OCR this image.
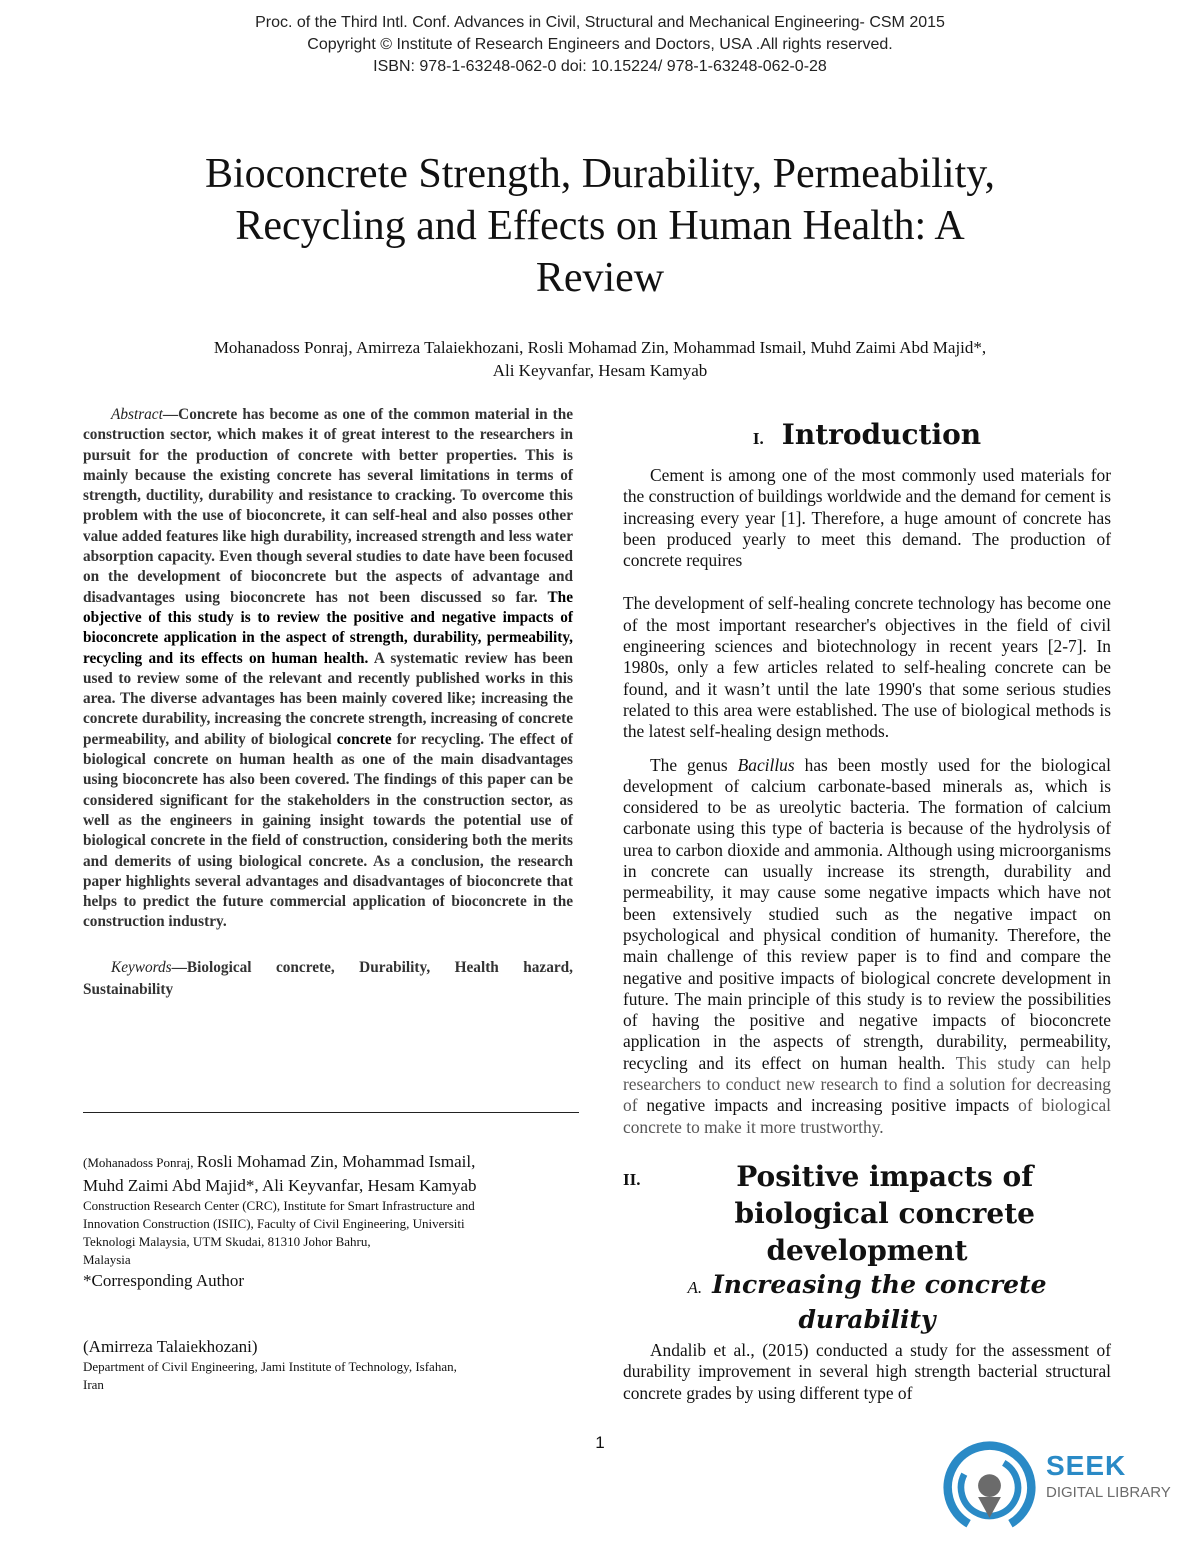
Proc. of the Third Intl. Conf. Advances in Civil, Structural and Mechanical Engineering- CSM 2015
Copyright © Institute of Research Engineers and Doctors, USA .All rights reserved.
ISBN: 978-1-63248-062-0 doi: 10.15224/ 978-1-63248-062-0-28
Bioconcrete Strength, Durability, Permeability,
Recycling and Effects on Human Health: A
Review
Mohanadoss Ponraj, Amirreza Talaiekhozani, Rosli Mohamad Zin, Mohammad Ismail, Muhd Zaimi Abd Majid*,
Ali Keyvanfar, Hesam Kamyab

Abstract—Concrete has become as one of the common material in the construction sector, which makes it of great interest to the researchers in pursuit for the production of concrete with better properties. This is mainly because the existing concrete has several limitations in terms of strength, ductility, durability and resistance to cracking. To overcome this problem with the use of bioconcrete, it can self-heal and also posses other value added features like high durability, increased strength and less water absorption capacity. Even though several studies to date have been focused on the development of bioconcrete but the aspects of advantage and disadvantages using bioconcrete has not been discussed so far. The objective of this study is to review the positive and negative impacts of bioconcrete application in the aspect of strength, durability, permeability, recycling and its effects on human health. A systematic review has been used to review some of the relevant and recently published works in this area. The diverse advantages has been mainly covered like; increasing the concrete durability, increasing the concrete strength, increasing of concrete permeability, and ability of biological concrete for recycling. The effect of biological concrete on human health as one of the main disadvantages using bioconcrete has also been covered. The findings of this paper can be considered significant for the stakeholders in the construction sector, as well as the engineers in gaining insight towards the potential use of biological concrete in the field of construction, considering both the merits and demerits of using biological concrete. As a conclusion, the research paper highlights several advantages and disadvantages of bioconcrete that helps to predict the future commercial application of bioconcrete in the construction industry.

Keywords—Biological concrete, Durability, Health hazard, Sustainability

(Mohanadoss Ponraj, Rosli Mohamad Zin, Mohammad Ismail,
Muhd Zaimi Abd Majid*, Ali Keyvanfar, Hesam Kamyab
Construction Research Center (CRC), Institute for Smart Infrastructure and
Innovation Construction (ISIIC), Faculty of Civil Engineering, Universiti
Teknologi Malaysia, UTM Skudai, 81310 Johor Bahru,
Malaysia
*Corresponding Author
(Amirreza Talaiekhozani)
Department of Civil Engineering, Jami Institute of Technology, Isfahan,
Iran
I. Introduction

Cement is among one of the most commonly used materials for the construction of buildings worldwide and the demand for cement is increasing every year [1]. Therefore, a huge amount of concrete has been produced yearly to meet this demand. The production of concrete requires

The development of self-healing concrete technology has become one of the most important researcher's objectives in the field of civil engineering sciences and biotechnology in recent years [2-7]. In 1980s, only a few articles related to self-healing concrete can be found, and it wasn’t until the late 1990's that some serious studies related to this area were established. The use of biological methods is the latest self-healing design methods.

The genus Bacillus has been mostly used for the biological development of calcium carbonate-based minerals as, which is considered to be as ureolytic bacteria. The formation of calcium carbonate using this type of bacteria is because of the hydrolysis of urea to carbon dioxide and ammonia. Although using microorganisms in concrete can usually increase its strength, durability and permeability, it may cause some negative impacts which have not been extensively studied such as the negative impact on psychological and physical condition of humanity. Therefore, the main challenge of this review paper is to find and compare the negative and positive impacts of biological concrete development in future. The main principle of this study is to review the possibilities of having the positive and negative impacts of bioconcrete application in the aspects of strength, durability, permeability, recycling and its effect on human health. This study can help researchers to conduct new research to find a solution for decreasing of negative impacts and increasing positive impacts of biological concrete to make it more trustworthy.

II.	Positive impacts of biological concrete development
A. Increasing the concrete durability

Andalib et al., (2015) conducted a study for the assessment of durability improvement in several high strength bacterial structural concrete grades by using different type of

1
SEEK
DIGITAL LIBRARY
